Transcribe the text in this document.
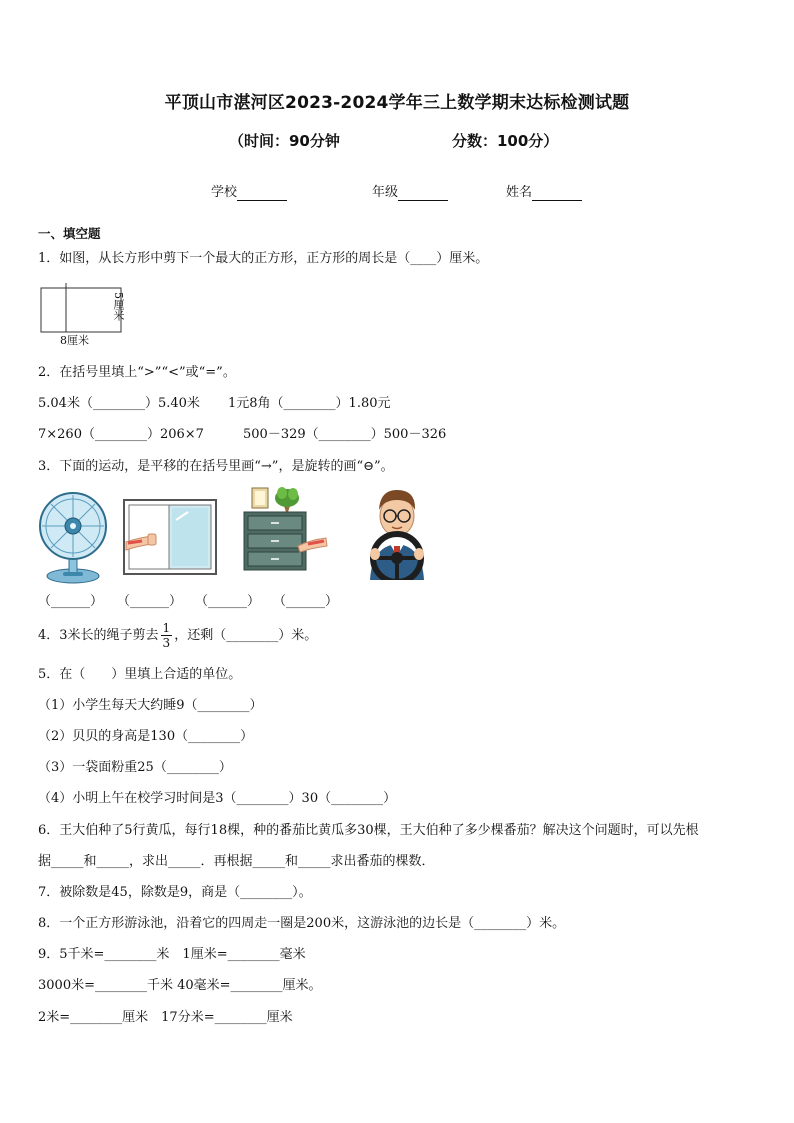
平顶山市湛河区2023-2024学年三上数学期末达标检测试题
（时间：90分钟	分数：100分）
学校	年级	姓名
一、填空题
1．如图，从长方形中剪下一个最大的正方形，正方形的周长是（____）厘米。
5厘米
8厘米
2．在括号里填上“>”“<”或“=”。
5.04米（________）5.40米 1元8角（________）1.80元
7×260（________）206×7	500－329（________）500－326
3．下面的运动，是平移的在括号里画“→”，是旋转的画“⊖”。
（______） （______） （______） （______）
4．3米长的绳子剪去 $\frac{1}{3}$ ，还剩（________）米。
5．在（　　）里填上合适的单位。
（1）小学生每天大约睡9（________）
（2）贝贝的身高是130（________）
（3）一袋面粉重25（________）
（4）小明上午在校学习时间是3（________）30（________）
6．王大伯种了5行黄瓜，每行18棵，种的番茄比黄瓜多30棵，王大伯种了多少棵番茄？解决这个问题时，可以先根
据_____和_____，求出_____．再根据_____和_____求出番茄的棵数．
7．被除数是45，除数是9，商是（________）。
8．一个正方形游泳池，沿着它的四周走一圈是200米，这游泳池的边长是（________）米。
9．5千米=________米　1厘米=________毫米
3000米=________千米 40毫米=________厘米。
2米=________厘米　17分米=________厘米
